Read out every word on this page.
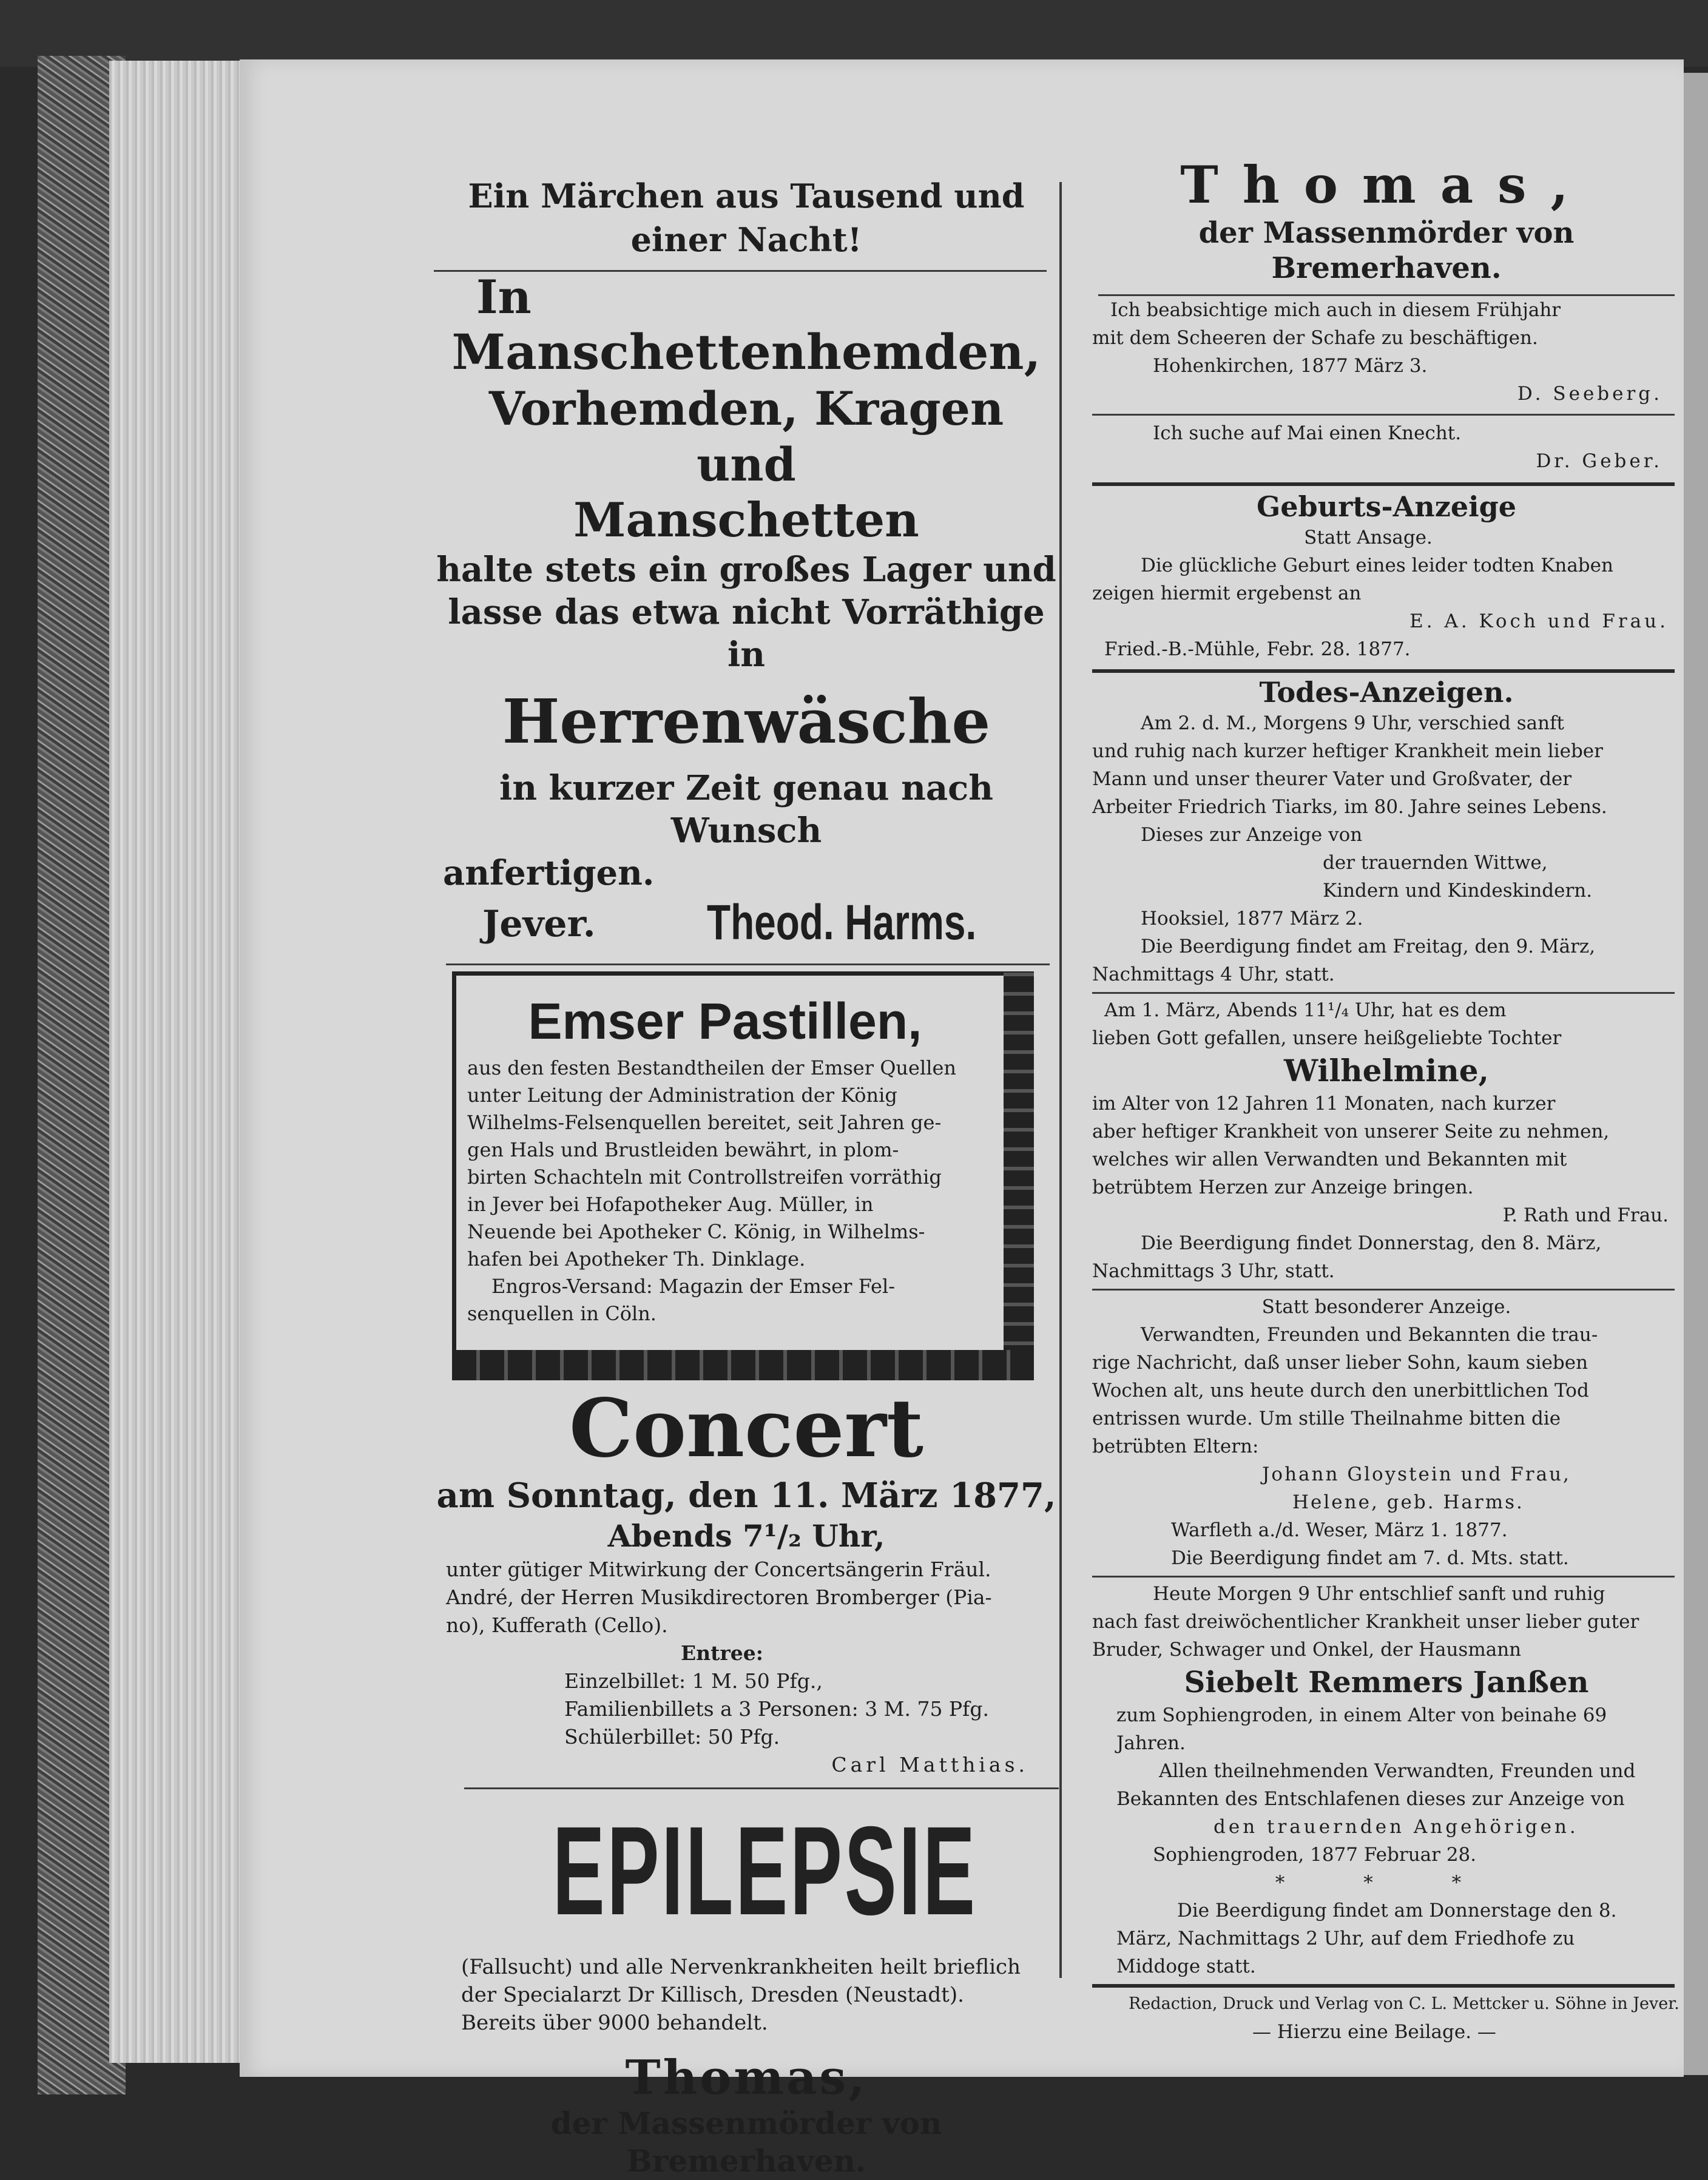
Ein Märchen aus Tausend und

einer Nacht!

In

Manschettenhemden,

Vorhemden, Kragen und

Manschetten

halte stets ein großes Lager und

lasse das etwa nicht Vorräthige in

Herrenwäsche

in kurzer Zeit genau nach Wunsch

anfertigen.

Jever. Theod. Harms.

Emser Pastillen,

aus den festen Bestandtheilen der Emser Quellen

unter Leitung der Administration der König

Wilhelms-Felsenquellen bereitet, seit Jahren ge-

gen Hals und Brustleiden bewährt, in plom-

birten Schachteln mit Controllstreifen vorräthig

in Jever bei Hofapotheker Aug. Müller, in

Neuende bei Apotheker C. König, in Wilhelms-

hafen bei Apotheker Th. Dinklage.

Engros-Versand: Magazin der Emser Fel-

senquellen in Cöln.

Concert

am Sonntag, den 11. März 1877,

Abends 7¹/₂ Uhr,

unter gütiger Mitwirkung der Concertsängerin Fräul.

André, der Herren Musikdirectoren Bromberger (Pia-

no), Kufferath (Cello).

Entree:

Einzelbillet: 1 M. 50 Pfg.,

Familienbillets a 3 Personen: 3 M. 75 Pfg.

Schülerbillet: 50 Pfg.

Carl Matthias.

EPILEPSIE

(Fallsucht) und alle Nervenkrankheiten heilt brieflich

der Specialarzt Dr Killisch, Dresden (Neustadt).

Bereits über 9000 behandelt.

Thomas,

der Massenmörder von Bremerhaven.

Thomas,

der Massenmörder von Bremerhaven.

Ich beabsichtige mich auch in diesem Frühjahr

mit dem Scheeren der Schafe zu beschäftigen.

Hohenkirchen, 1877 März 3.

D. Seeberg.

Ich suche auf Mai einen Knecht.

Dr. Geber.

Geburts-Anzeige

Statt Ansage.

Die glückliche Geburt eines leider todten Knaben

zeigen hiermit ergebenst an

E. A. Koch und Frau.

Fried.-B.-Mühle, Febr. 28. 1877.

Todes-Anzeigen.

Am 2. d. M., Morgens 9 Uhr, verschied sanft

und ruhig nach kurzer heftiger Krankheit mein lieber

Mann und unser theurer Vater und Großvater, der

Arbeiter Friedrich Tiarks, im 80. Jahre seines Lebens.

Dieses zur Anzeige von

der trauernden Wittwe,

Kindern und Kindeskindern.

Hooksiel, 1877 März 2.

Die Beerdigung findet am Freitag, den 9. März,

Nachmittags 4 Uhr, statt.

Am 1. März, Abends 11¹/₄ Uhr, hat es dem

lieben Gott gefallen, unsere heißgeliebte Tochter

Wilhelmine,

im Alter von 12 Jahren 11 Monaten, nach kurzer

aber heftiger Krankheit von unserer Seite zu nehmen,

welches wir allen Verwandten und Bekannten mit

betrübtem Herzen zur Anzeige bringen.

P. Rath und Frau.

Die Beerdigung findet Donnerstag, den 8. März,

Nachmittags 3 Uhr, statt.

Statt besonderer Anzeige.

Verwandten, Freunden und Bekannten die trau-

rige Nachricht, daß unser lieber Sohn, kaum sieben

Wochen alt, uns heute durch den unerbittlichen Tod

entrissen wurde. Um stille Theilnahme bitten die

betrübten Eltern:

Johann Gloystein und Frau,

Helene, geb. Harms.

Warfleth a./d. Weser, März 1. 1877.

Die Beerdigung findet am 7. d. Mts. statt.

Heute Morgen 9 Uhr entschlief sanft und ruhig

nach fast dreiwöchentlicher Krankheit unser lieber guter

Bruder, Schwager und Onkel, der Hausmann

Siebelt Remmers Janßen

zum Sophiengroden, in einem Alter von beinahe 69

Jahren.

Allen theilnehmenden Verwandten, Freunden und

Bekannten des Entschlafenen dieses zur Anzeige von

den trauernden Angehörigen.

Sophiengroden, 1877 Februar 28.

* * *

Die Beerdigung findet am Donnerstage den 8.

März, Nachmittags 2 Uhr, auf dem Friedhofe zu

Middoge statt.

Redaction, Druck und Verlag von C. L. Mettcker u. Söhne in Jever.

— Hierzu eine Beilage. —
